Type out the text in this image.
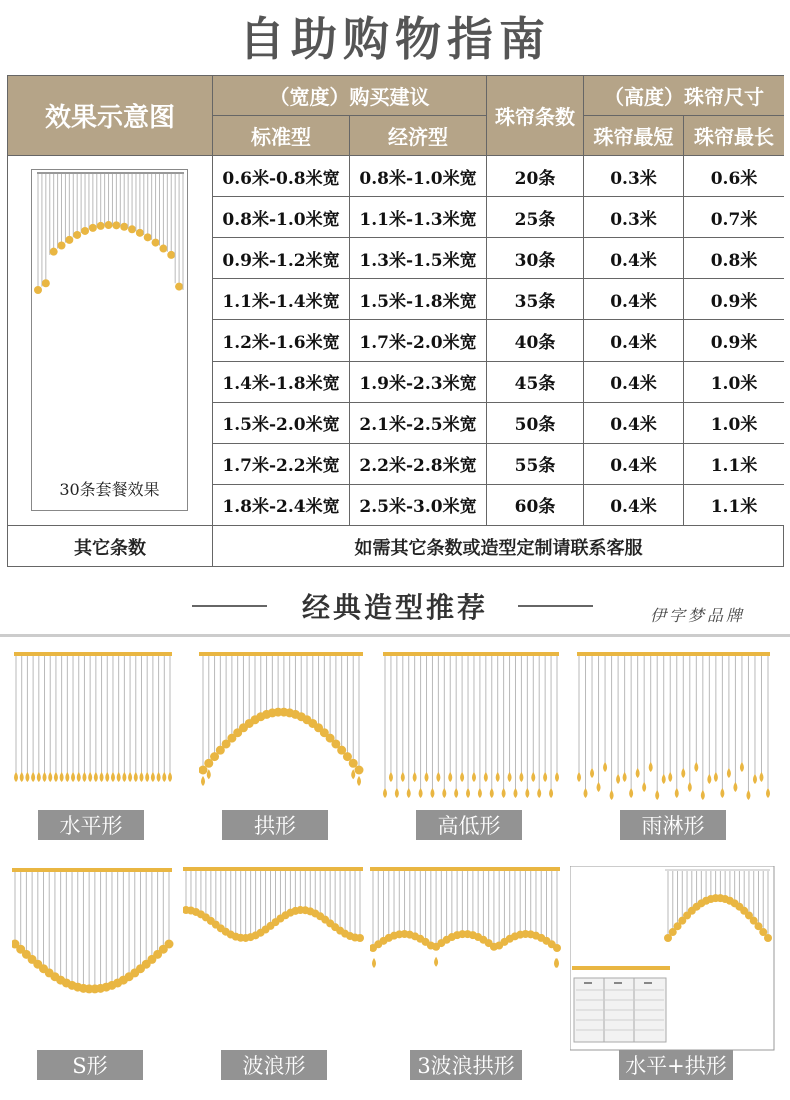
自助购物指南
效果示意图
（宽度）购买建议
标准型	经济型
珠帘条数
（高度）珠帘尺寸
珠帘最短	珠帘最长
30条套餐效果
0.6米-0.8米宽	0.8米-1.0米宽	20条	0.3米	0.6米
0.8米-1.0米宽	1.1米-1.3米宽	25条	0.3米	0.7米
0.9米-1.2米宽	1.3米-1.5米宽	30条	0.4米	0.8米
1.1米-1.4米宽	1.5米-1.8米宽	35条	0.4米	0.9米
1.2米-1.6米宽	1.7米-2.0米宽	40条	0.4米	0.9米
1.4米-1.8米宽	1.9米-2.3米宽	45条	0.4米	1.0米
1.5米-2.0米宽	2.1米-2.5米宽	50条	0.4米	1.0米
1.7米-2.2米宽	2.2米-2.8米宽	55条	0.4米	1.1米
1.8米-2.4米宽	2.5米-3.0米宽	60条	0.4米	1.1米
其它条数	如需其它条数或造型定制请联系客服
经典造型推荐	伊字梦品牌
水平形	拱形	高低形	雨淋形
S形	波浪形	3波浪拱形	水平+拱形
